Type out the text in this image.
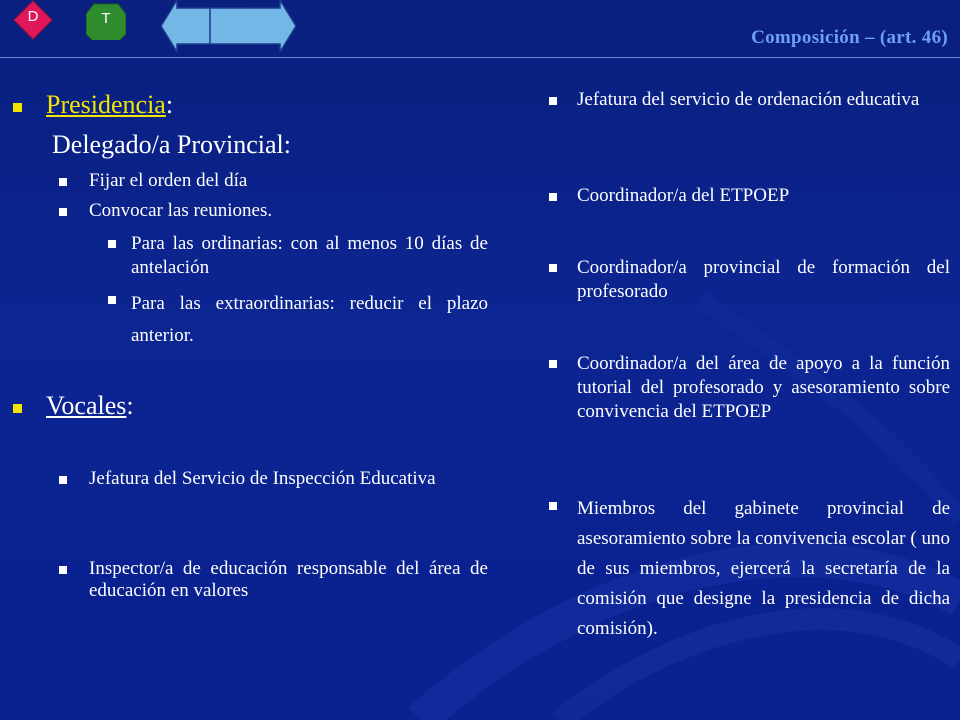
D	T
Composición – (art. 46)
Presidencia:
Delegado/a Provincial:
Fijar el orden del día
Convocar las reuniones.
Para las ordinarias: con al menos 10 días de antelación
Para las extraordinarias: reducir el plazo anterior.
Vocales:
Jefatura del Servicio de Inspección Educativa
Inspector/a de educación responsable del área de educación en valores
Jefatura del servicio de ordenación educativa
Coordinador/a del ETPOEP
Coordinador/a provincial de formación del profesorado
Coordinador/a del área de apoyo a la función tutorial del profesorado y asesoramiento sobre convivencia del ETPOEP
Miembros del gabinete provincial de asesoramiento sobre la convivencia escolar ( uno de sus miembros, ejercerá la secretaría de la comisión que designe la presidencia de dicha comisión).
